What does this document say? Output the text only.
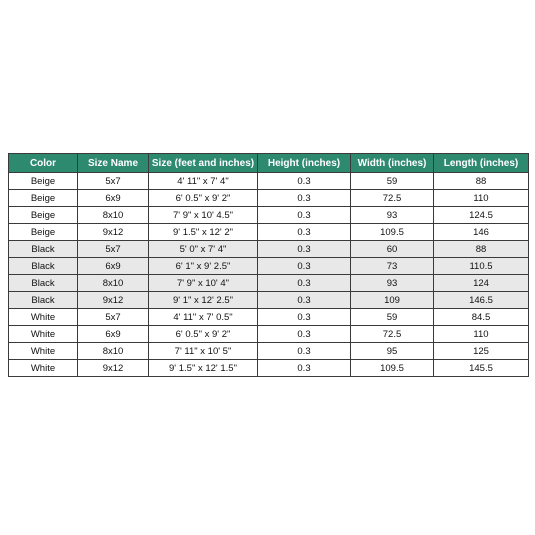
Color	Size Name	Size (feet and inches)	Height (inches)	Width (inches)	Length (inches)
Beige	5x7	4' 11" x 7' 4"	0.3	59	88
Beige	6x9	6' 0.5" x 9' 2"	0.3	72.5	110
Beige	8x10	7' 9" x 10' 4.5"	0.3	93	124.5
Beige	9x12	9' 1.5" x 12' 2"	0.3	109.5	146
Black	5x7	5' 0" x 7' 4"	0.3	60	88
Black	6x9	6' 1" x 9' 2.5"	0.3	73	110.5
Black	8x10	7' 9" x 10' 4"	0.3	93	124
Black	9x12	9' 1" x 12' 2.5"	0.3	109	146.5
White	5x7	4' 11" x 7' 0.5"	0.3	59	84.5
White	6x9	6' 0.5" x 9' 2"	0.3	72.5	110
White	8x10	7' 11" x 10' 5"	0.3	95	125
White	9x12	9' 1.5" x 12' 1.5"	0.3	109.5	145.5
